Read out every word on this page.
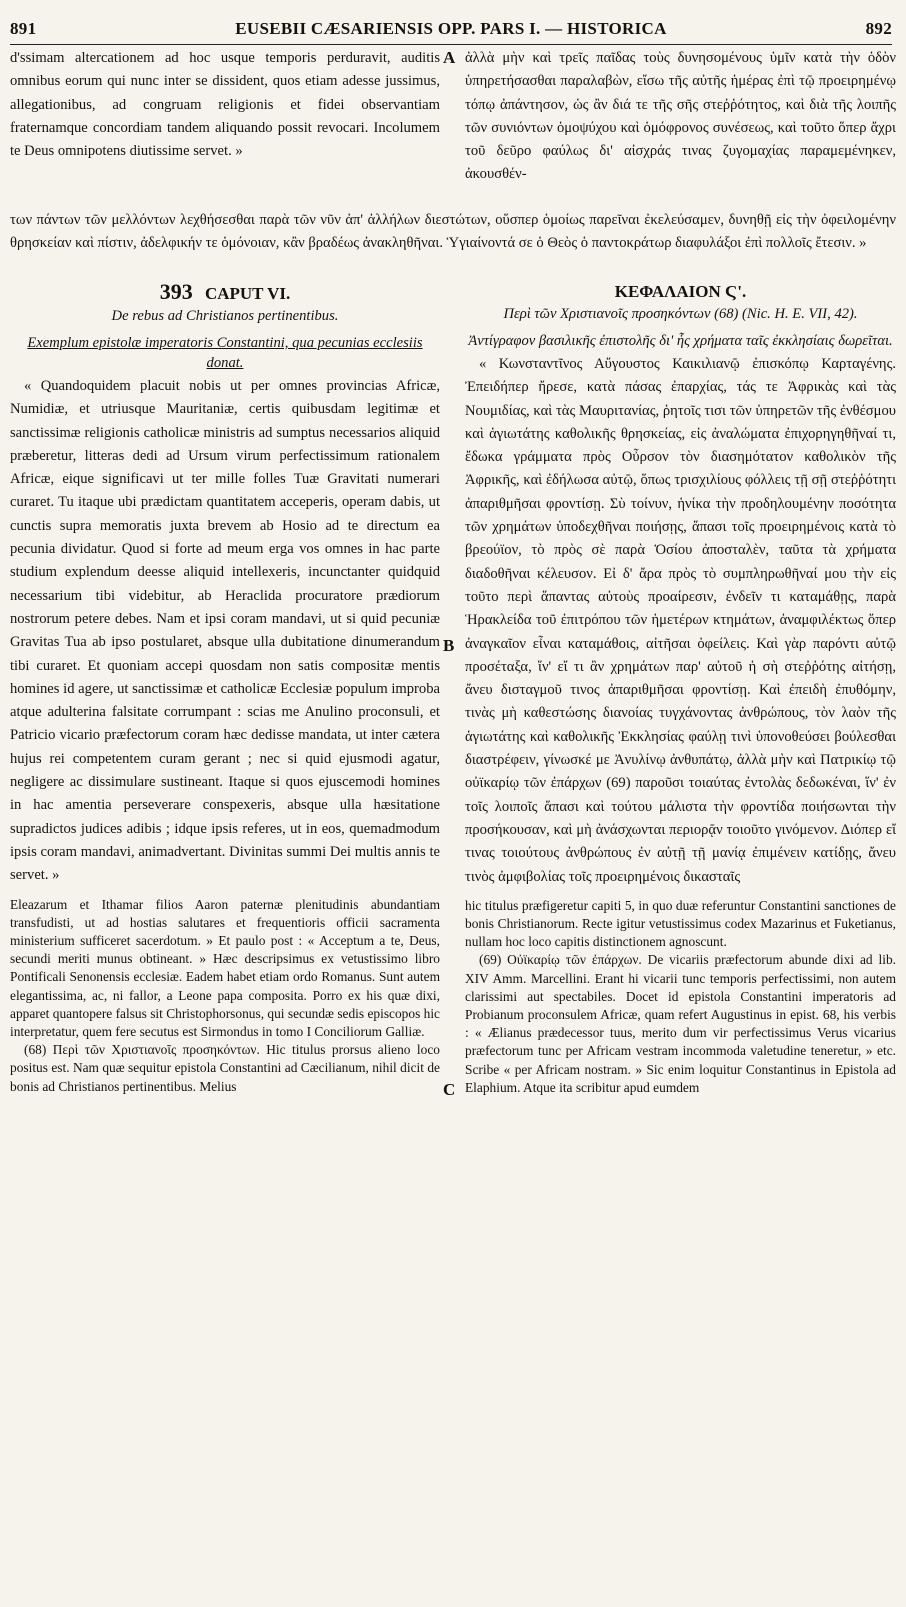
891	EUSEBII CÆSARIENSIS OPP. PARS I. — HISTORICA	892
A
B
C

d'ssimam altercationem ad hoc usque temporis perduravit, auditis omnibus eorum qui nunc inter se dissident, quos etiam adesse jussimus, allegationibus, ad congruam religionis et fidei observantiam fraternamque concordiam tandem aliquando possit revocari. Incolumem te Deus omnipotens diutissime servet. »

ἀλλὰ μὴν καὶ τρεῖς παῖδας τοὺς δυνησομένους ὑμῖν κατὰ τὴν ὁδὸν ὑπηρετήσασθαι παραλαβὼν, εἴσω τῆς αὐτῆς ἡμέρας ἐπὶ τῷ προειρημένῳ τόπῳ ἀπάντησον, ὡς ἂν διά τε τῆς σῆς στεῤῥότητος, καὶ διὰ τῆς λοιπῆς τῶν συνιόντων ὁμοψύχου καὶ ὁμόφρονος συνέσεως, καὶ τοῦτο ὅπερ ἄχρι τοῦ δεῦρο φαύλως δι' αἰσχράς τινας ζυγομαχίας παραμεμένηκεν, ἀκουσθέν-

των πάντων τῶν μελλόντων λεχθήσεσθαι παρὰ τῶν νῦν ἀπ' ἀλλήλων διεστώτων, οὕσπερ ὁμοίως παρεῖναι ἐκελεύσαμεν, δυνηθῇ εἰς τὴν ὀφειλομένην θρησκείαν καὶ πίστιν, ἀδελφικήν τε ὁμόνοιαν, κἂν βραδέως ἀνακληθῆναι. Ὑγιαίνοντά σε ὁ Θεὸς ὁ παντοκράτωρ διαφυλάξοι ἐπὶ πολλοῖς ἔτεσιν. »

393 CAPUT VI.
De rebus ad Christianos pertinentibus.
Exemplum epistolæ imperatoris Constantini, qua pecunias ecclesiis donat.

« Quandoquidem placuit nobis ut per omnes provincias Africæ, Numidiæ, et utriusque Mauritaniæ, certis quibusdam legitimæ et sanctissimæ religionis catholicæ ministris ad sumptus necessarios aliquid præberetur, litteras dedi ad Ursum virum perfectissimum rationalem Africæ, eique significavi ut ter mille folles Tuæ Gravitati numerari curaret. Tu itaque ubi prædictam quantitatem acceperis, operam dabis, ut cunctis supra memoratis juxta brevem ab Hosio ad te directum ea pecunia dividatur. Quod si forte ad meum erga vos omnes in hac parte studium explendum deesse aliquid intellexeris, incunctanter quidquid necessarium tibi videbitur, ab Heraclida procuratore prædiorum nostrorum petere debes. Nam et ipsi coram mandavi, ut si quid pecuniæ Gravitas Tua ab ipso postularet, absque ulla dubitatione dinumerandum tibi curaret. Et quoniam accepi quosdam non satis compositæ mentis homines id agere, ut sanctissimæ et catholicæ Ecclesiæ populum improba atque adulterina falsitate corrumpant : scias me Anulino proconsuli, et Patricio vicario præfectorum coram hæc dedisse mandata, ut inter cætera hujus rei competentem curam gerant ; nec si quid ejusmodi agatur, negligere ac dissimulare sustineant. Itaque si quos ejuscemodi homines in hac amentia perseverare conspexeris, absque ulla hæsitatione supradictos judices adibis ; idque ipsis referes, ut in eos, quemadmodum ipsis coram mandavi, animadvertant. Divinitas summi Dei multis annis te servet. »

Eleazarum et Ithamar filios Aaron paternæ plenitudinis abundantiam transfudisti, ut ad hostias salutares et frequentioris officii sacramenta ministerium sufficeret sacerdotum. » Et paulo post : « Acceptum a te, Deus, secundi meriti munus obtineant. » Hæc descripsimus ex vetustissimo libro Pontificali Senonensis ecclesiæ. Eadem habet etiam ordo Romanus. Sunt autem elegantissima, ac, ni fallor, a Leone papa composita. Porro ex his quæ dixi, apparet quantopere falsus sit Christophorsonus, qui secundæ sedis episcopos hic interpretatur, quem fere secutus est Sirmondus in tomo I Conciliorum Galliæ.

(68) Περὶ τῶν Χριστιανοῖς προσηκόντων. Hic titulus prorsus alieno loco positus est. Nam quæ sequitur epistola Constantini ad Cæcilianum, nihil dicit de bonis ad Christianos pertinentibus. Melius

ΚΕΦΑΛΑΙΟΝ Ϛ'.
Περὶ τῶν Χριστιανοῖς προσηκόντων (68) (Nic. H. E. VII, 42).
Ἀντίγραφον βασιλικῆς ἐπιστολῆς δι' ἧς χρήματα ταῖς ἐκκλησίαις δωρεῖται.

« Κωνσταντῖνος Αὔγουστος Καικιλιανῷ ἐπισκόπῳ Καρταγένης. Ἐπειδήπερ ἤρεσε, κατὰ πάσας ἐπαρχίας, τάς τε Ἀφρικὰς καὶ τὰς Νουμιδίας, καὶ τὰς Μαυριτανίας, ῥητοῖς τισι τῶν ὑπηρετῶν τῆς ἐνθέσμου καὶ ἁγιωτάτης καθολικῆς θρησκείας, εἰς ἀναλώματα ἐπιχορηγηθῆναί τι, ἔδωκα γράμματα πρὸς Οὖρσον τὸν διασημότατον καθολικὸν τῆς Ἀφρικῆς, καὶ ἐδήλωσα αὐτῷ, ὅπως τρισχιλίους φόλλεις τῇ σῇ στεῤῥότητι ἀπαριθμῆσαι φροντίσῃ. Σὺ τοίνυν, ἡνίκα τὴν προδηλουμένην ποσότητα τῶν χρημάτων ὑποδεχθῆναι ποιήσῃς, ἅπασι τοῖς προειρημένοις κατὰ τὸ βρεούϊον, τὸ πρὸς σὲ παρὰ Ὁσίου ἀποσταλὲν, ταῦτα τὰ χρήματα διαδοθῆναι κέλευσον. Εἰ δ' ἄρα πρὸς τὸ συμπληρωθῆναί μου τὴν εἰς τοῦτο περὶ ἅπαντας αὐτοὺς προαίρεσιν, ἐνδεῖν τι καταμάθῃς, παρὰ Ἡρακλείδα τοῦ ἐπιτρόπου τῶν ἡμετέρων κτημάτων, ἀναμφιλέκτως ὅπερ ἀναγκαῖον εἶναι καταμάθοις, αἰτῆσαι ὀφείλεις. Καὶ γὰρ παρόντι αὐτῷ προσέταξα, ἵν' εἴ τι ἂν χρημάτων παρ' αὐτοῦ ἡ σὴ στεῤῥότης αἰτήσῃ, ἄνευ δισταγμοῦ τινος ἀπαριθμῆσαι φροντίσῃ. Καὶ ἐπειδὴ ἐπυθόμην, τινὰς μὴ καθεστώσης διανοίας τυγχάνοντας ἀνθρώπους, τὸν λαὸν τῆς ἁγιωτάτης καὶ καθολικῆς Ἐκκλησίας φαύλῃ τινὶ ὑπονοθεύσει βούλεσθαι διαστρέφειν, γίνωσκέ με Ἀνυλίνῳ ἀνθυπάτῳ, ἀλλὰ μὴν καὶ Πατρικίῳ τῷ οὐϊκαρίῳ τῶν ἐπάρχων (69) παροῦσι τοιαύτας ἐντολὰς δεδωκέναι, ἵν' ἐν τοῖς λοιποῖς ἅπασι καὶ τούτου μάλιστα τὴν φροντίδα ποιήσωνται τὴν προσήκουσαν, καὶ μὴ ἀνάσχωνται περιορᾷν τοιοῦτο γινόμενον. Διόπερ εἴ τινας τοιούτους ἀνθρώπους ἐν αὐτῇ τῇ μανίᾳ ἐπιμένειν κατίδῃς, ἄνευ τινὸς ἀμφιβολίας τοῖς προειρημένοις δικασταῖς

hic titulus præfigeretur capiti 5, in quo duæ referuntur Constantini sanctiones de bonis Christianorum. Recte igitur vetustissimus codex Mazarinus et Fuketianus, nullam hoc loco capitis distinctionem agnoscunt.

(69) Οὐϊκαρίῳ τῶν ἐπάρχων. De vicariis præfectorum abunde dixi ad lib. XIV Amm. Marcellini. Erant hi vicarii tunc temporis perfectissimi, non autem clarissimi aut spectabiles. Docet id epistola Constantini imperatoris ad Probianum proconsulem Africæ, quam refert Augustinus in epist. 68, his verbis : « Ælianus prædecessor tuus, merito dum vir perfectissimus Verus vicarius præfectorum tunc per Africam vestram incommoda valetudine teneretur, » etc. Scribe « per Africam nostram. » Sic enim loquitur Constantinus in Epistola ad Elaphium. Atque ita scribitur apud eumdem
